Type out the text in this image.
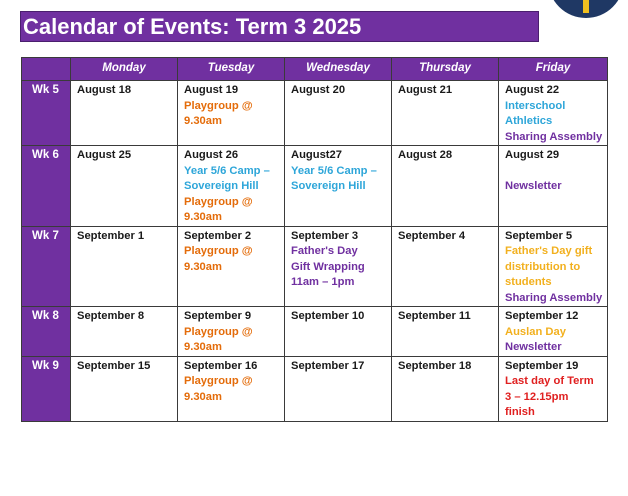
Calendar of Events: Term 3 2025
	Monday	Tuesday	Wednesday	Thursday	Friday
Wk 5	August 18	August 19
Playgroup @
9.30am	August 20	August 21	August 22
Interschool
Athletics
Sharing Assembly

Wk 6	August 25	August 26
Year 5/6 Camp –
Sovereign Hill
Playgroup @
9.30am	August27
Year 5/6 Camp –
Sovereign Hill	August 28	August 29
Newsletter

Wk 7	September 1	September 2
Playgroup @
9.30am	September 3
Father's Day
Gift Wrapping
11am – 1pm	September 4	September 5
Father's Day gift
distribution to
students
Sharing Assembly

Wk 8	September 8	September 9
Playgroup @
9.30am	September 10	September 11	September 12
Auslan Day
Newsletter

Wk 9	September 15	September 16
Playgroup @
9.30am	September 17	September 18	September 19
Last day of Term
3 – 12.15pm
finish
